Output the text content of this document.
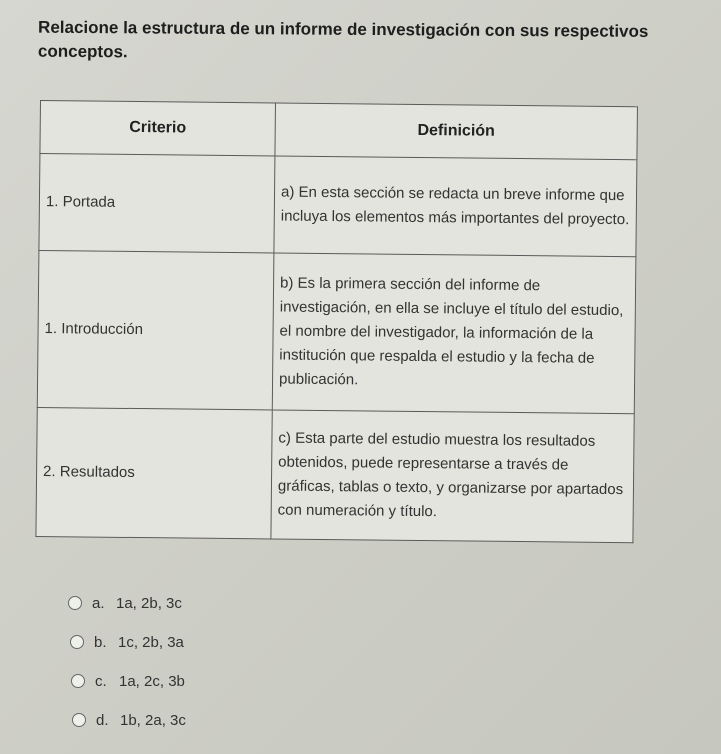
Relacione la estructura de un informe de investigación con sus respectivos conceptos.
Criterio	Definición
1. Portada	a) En esta sección se redacta un breve informe que incluya los elementos más importantes del proyecto.
1. Introducción	b) Es la primera sección del informe de investigación, en ella se incluye el título del estudio, el nombre del investigador, la información de la institución que respalda el estudio y la fecha de publicación.
2. Resultados	c) Esta parte del estudio muestra los resultados obtenidos, puede representarse a través de gráficas, tablas o texto, y organizarse por apartados con numeración y título.
a. 1a, 2b, 3c
b. 1c, 2b, 3a
c. 1a, 2c, 3b
d. 1b, 2a, 3c
